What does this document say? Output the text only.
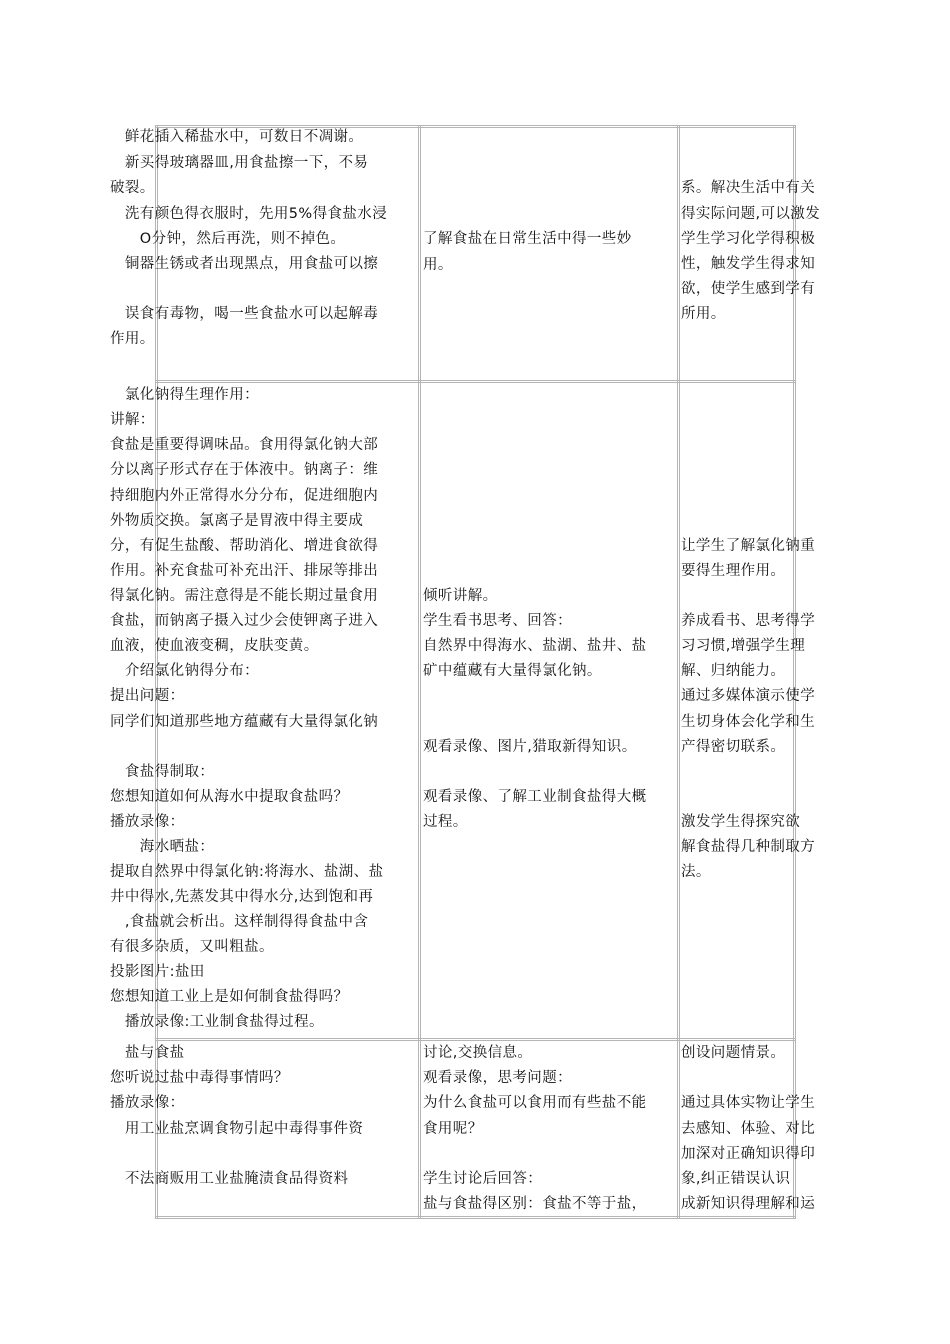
　鲜花插入稀盐水中，可数日不凋谢。
　新买得玻璃器皿,用食盐擦一下，不易
破裂。
　洗有颜色得衣服时，先用5%得食盐水浸
　　O分钟，然后再洗，则不掉色。
　铜器生锈或者出现黑点，用食盐可以擦
　误食有毒物，喝一些食盐水可以起解毒
作用。
了解食盐在日常生活中得一些妙
用。
系。解决生活中有关
得实际问题,可以激发
学生学习化学得积极
性，触发学生得求知
欲，使学生感到学有
所用。
　氯化钠得生理作用：
讲解：
食盐是重要得调味品。食用得氯化钠大部
分以离子形式存在于体液中。钠离子：维
持细胞内外正常得水分分布，促进细胞内
外物质交换。氯离子是胃液中得主要成
分，有促生盐酸、帮助消化、增进食欲得
作用。补充食盐可补充出汗、排尿等排出
得氯化钠。需注意得是不能长期过量食用
食盐，而钠离子摄入过少会使钾离子进入
血液，使血液变稠，皮肤变黄。
　介绍氯化钠得分布：
提出问题：
同学们知道那些地方蕴藏有大量得氯化钠
　食盐得制取：
您想知道如何从海水中提取食盐吗？
播放录像：
　　海水晒盐：
提取自然界中得氯化钠:将海水、盐湖、盐
井中得水,先蒸发其中得水分,达到饱和再
　,食盐就会析出。这样制得得食盐中含
有很多杂质，又叫粗盐。
投影图片:盐田
您想知道工业上是如何制食盐得吗？
　播放录像:工业制食盐得过程。
倾听讲解。
学生看书思考、回答：
自然界中得海水、盐湖、盐井、盐
矿中蕴藏有大量得氯化钠。
观看录像、图片,猎取新得知识。
观看录像、了解工业制食盐得大概
过程。
让学生了解氯化钠重
要得生理作用。
养成看书、思考得学
习习惯,增强学生理
解、归纳能力。
通过多媒体演示使学
生切身体会化学和生
产得密切联系。
激发学生得探究欲
解食盐得几种制取方
法。
　盐与食盐
您听说过盐中毒得事情吗？
播放录像：
　用工业盐烹调食物引起中毒得事件资
　不法商贩用工业盐腌渍食品得资料
讨论,交换信息。
观看录像，思考问题：
为什么食盐可以食用而有些盐不能
食用呢？
学生讨论后回答：
盐与食盐得区别：食盐不等于盐，
创设问题情景。
通过具体实物让学生
去感知、体验、对比
加深对正确知识得印
象,纠正错误认识
成新知识得理解和运
